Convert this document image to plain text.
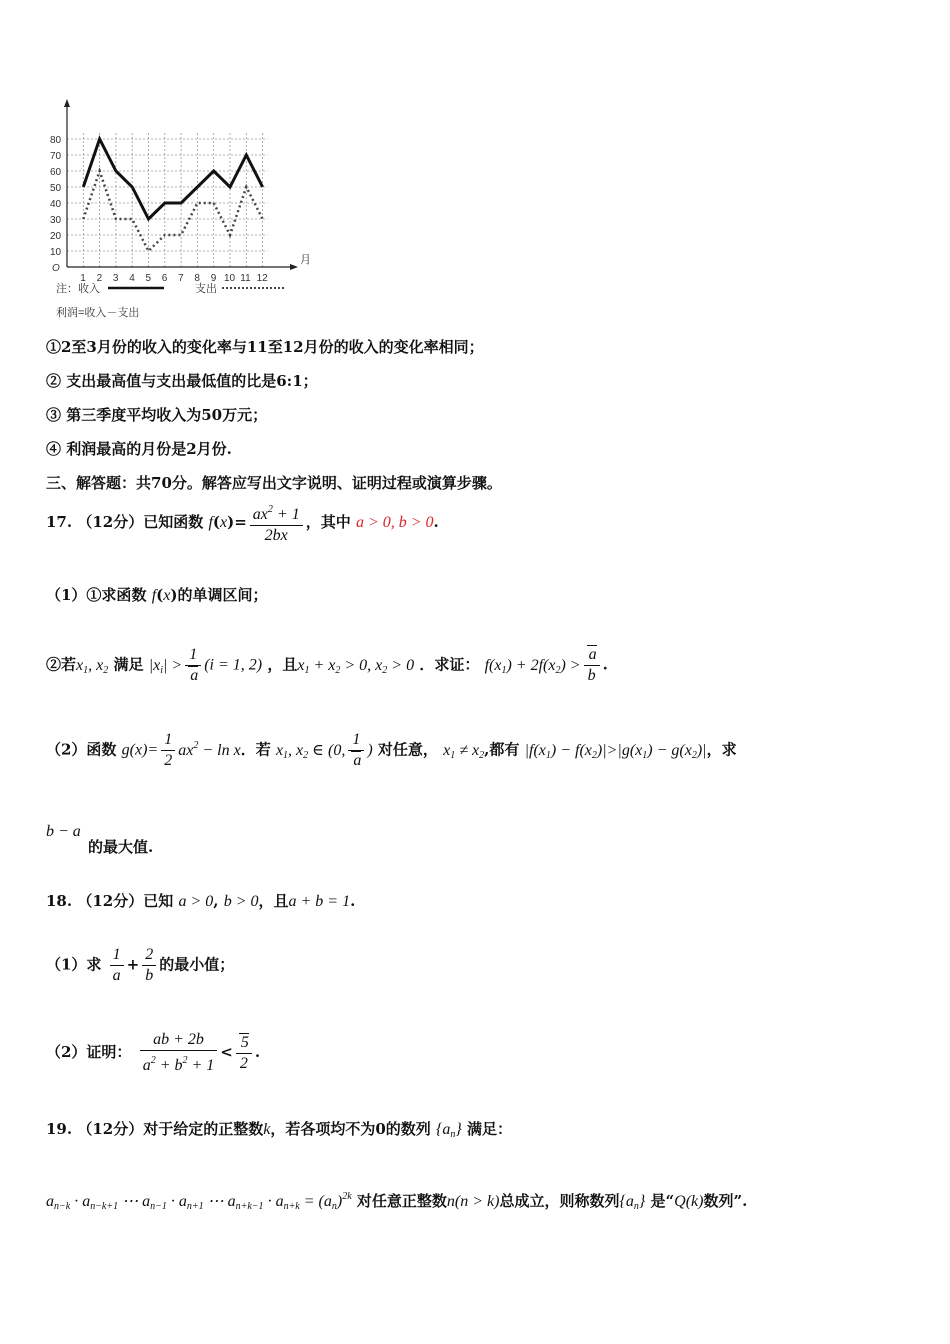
10
20
30
40
50
60
70
80
1 2 3 4 5 6 7 8 9 10 11 12
O
月
注：收入	支出
利润=收入－支出
①2至3月份的收入的变化率与11至12月份的收入的变化率相同；
② 支出最高值与支出最低值的比是6:1；
③ 第三季度平均收入为50万元；
④ 利润最高的月份是2月份.
三、解答题：共70分。解答应写出文字说明、证明过程或演算步骤。
17. （12分）已知函数 $f(x)= \frac{ax^2 + 1}{2bx}$ ，其中 a > 0, b > 0.
（1）①求函数 f(x)的单调区间；
②若$x_1$, $x_2$ 满足 $|x_i| > \frac{1}{a} (i = 1$, 2) ，且$x_1 + x_2 > 0$, $x_2 > 0$ ．求证： $f(x_1) + 2f(x_2) > \frac{a}{b}$ .
（2）函数 $g(x)= \frac{1}{2} ax^2 - \ln x$．若 $x_1$, $x_2$ ∈ (0, $\frac{1}{a}$ ) 对任意， $x_1 \ne x_2$,都有 $|f(x_1) - f(x_2)|>|g(x_1) - g(x_2)|$，求
b − a
的最大值.
18. （12分）已知 a > 0, b > 0，且a + b = 1.
（1）求 $\frac{1}{a} + \frac{2}{b}$ 的最小值；
（2）证明： $\frac{ab + 2b}{a^2 + b^2 + 1} < \frac{5}{2}$ .
19. （12分）对于给定的正整数k，若各项均不为0的数列 $\{a_n\}$ 满足：
$a_{n-k} \cdot a_{n-k+1}$ ⋯ $a_{n-1} \cdot a_{n+1}$ ⋯ $a_{n+k-1} \cdot a_{n+k} = (a_n)^{2k}$ 对任意正整数n(n > k)总成立，则称数列$\{a_n\}$ 是“Q(k)数列”.
